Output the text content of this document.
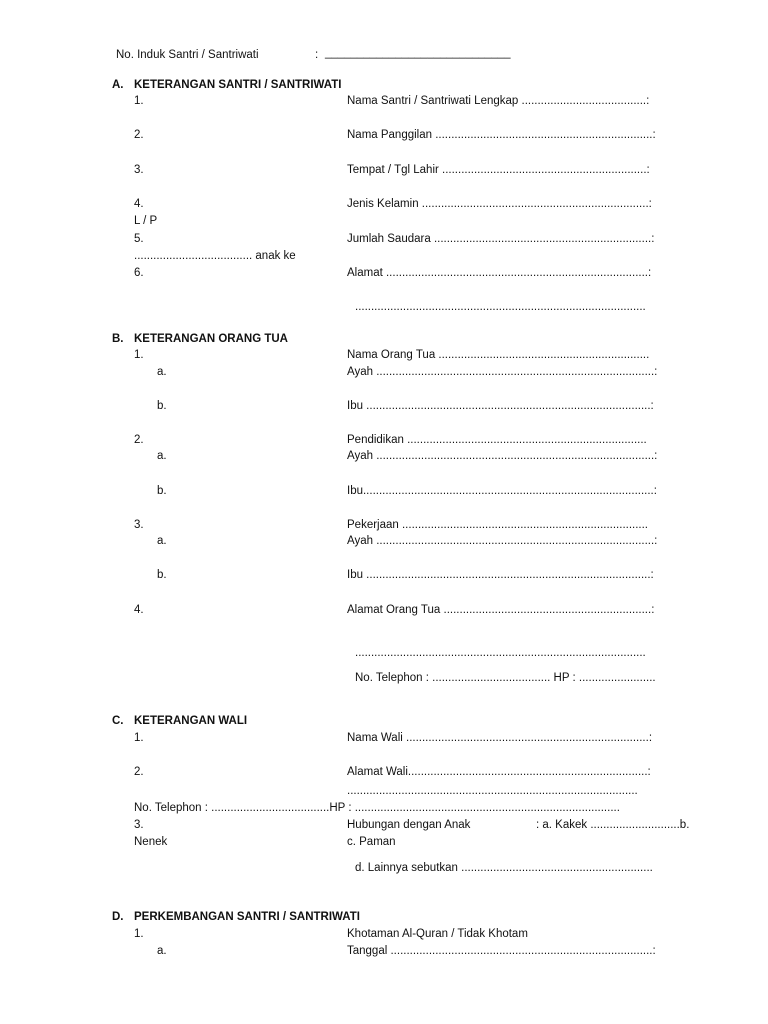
No. Induk Santri / Santriwati	: _____________________________
A. KETERANGAN SANTRI / SANTRIWATI
1.	Nama Santri / Santriwati Lengkap .......................................:
2.	Nama Panggilan ....................................................................:
3.	Tempat / Tgl Lahir ................................................................:
4.	Jenis Kelamin .......................................................................:
L / P
5.	Jumlah Saudara ....................................................................:
..................................... anak ke
6.	Alamat ..................................................................................:
...........................................................................................
B. KETERANGAN ORANG TUA
1.	Nama Orang Tua ..................................................................
a.	Ayah .......................................................................................:
b.	Ibu .........................................................................................:
2.	Pendidikan ...........................................................................
a.	Ayah .......................................................................................:
b.	Ibu...........................................................................................:
3.	Pekerjaan .............................................................................
a.	Ayah .......................................................................................:
b.	Ibu .........................................................................................:
4.	Alamat Orang Tua .................................................................:
...........................................................................................
No. Telephon : ..................................... HP : ........................
C. KETERANGAN WALI
1.	Nama Wali ............................................................................:
2.	Alamat Wali...........................................................................:
...........................................................................................
No. Telephon : .....................................HP : ...................................................................................
3.	Hubungan dengan Anak	: a. Kakek ............................b.
Nenek	c. Paman
d. Lainnya sebutkan ............................................................
D. PERKEMBANGAN SANTRI / SANTRIWATI
1.	Khotaman Al-Quran / Tidak Khotam
a.	Tanggal ..................................................................................:
